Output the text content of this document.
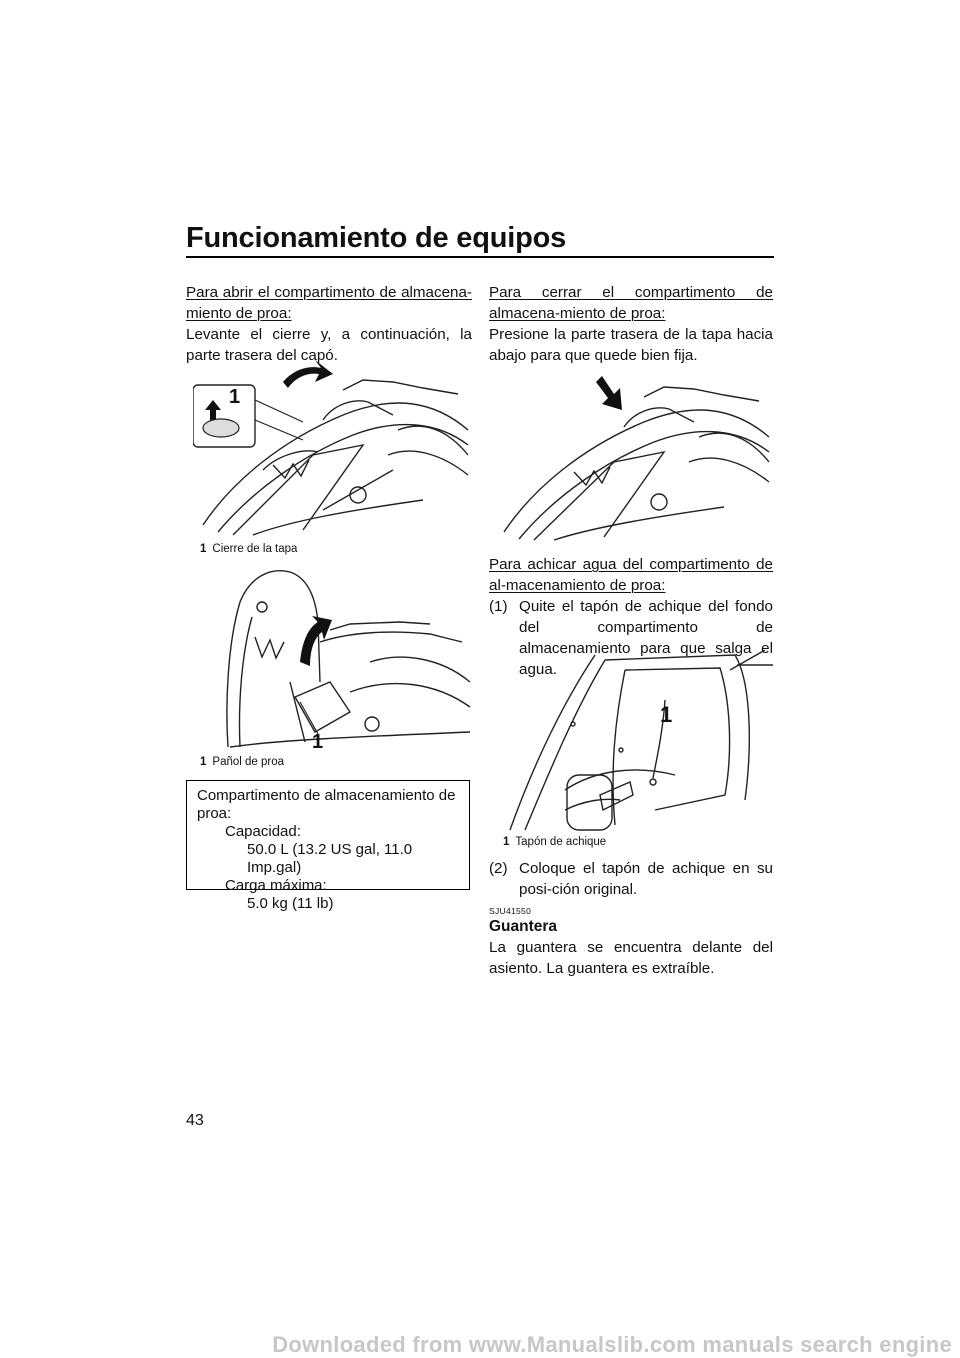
Funcionamiento de equipos
Para abrir el compartimento de almacena-miento de proa:
Levante el cierre y, a continuación, la parte trasera del capó.
1
1 Cierre de la tapa
1
1 Pañol de proa
Compartimento de almacenamiento de proa:
Capacidad:
50.0 L (13.2 US gal, 11.0 Imp.gal)
Carga máxima:
5.0 kg (11 lb)
Para cerrar el compartimento de almacena-miento de proa:
Presione la parte trasera de la tapa hacia abajo para que quede bien fija.
Para achicar agua del compartimento de al-macenamiento de proa:
(1) Quite el tapón de achique del fondo del compartimento de almacenamiento para que salga el agua.
1
1 Tapón de achique
(2) Coloque el tapón de achique en su posi-ción original.
SJU41550
Guantera
La guantera se encuentra delante del asiento. La guantera es extraíble.
43
Downloaded from www.Manualslib.com manuals search engine
